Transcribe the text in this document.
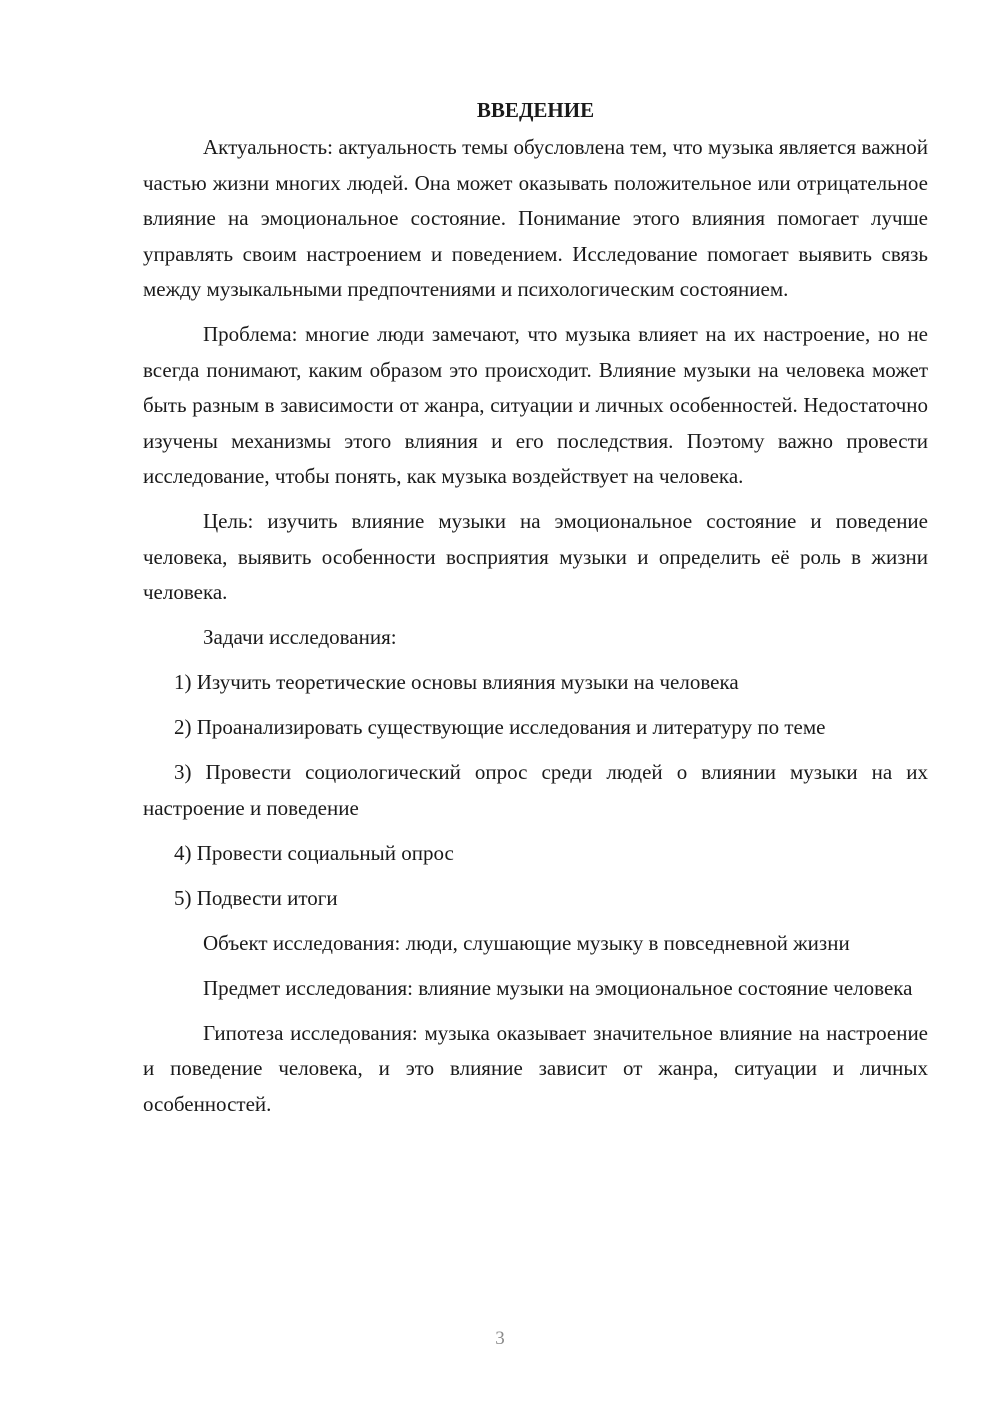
ВВЕДЕНИЕ

Актуальность: актуальность темы обусловлена тем, что музыка является важной частью жизни многих людей. Она может оказывать положительное или отрицательное влияние на эмоциональное состояние. Понимание этого влияния помогает лучше управлять своим настроением и поведением. Исследование помогает выявить связь между музыкальными предпочтениями и психологическим состоянием.

Проблема: многие люди замечают, что музыка влияет на их настроение, но не всегда понимают, каким образом это происходит. Влияние музыки на человека может быть разным в зависимости от жанра, ситуации и личных особенностей. Недостаточно изучены механизмы этого влияния и его последствия. Поэтому важно провести исследование, чтобы понять, как музыка воздействует на человека.

Цель: изучить влияние музыки на эмоциональное состояние и поведение человека, выявить особенности восприятия музыки и определить её роль в жизни человека.

Задачи исследования:

1) Изучить теоретические основы влияния музыки на человека

2) Проанализировать существующие исследования и литературу по теме

3) Провести социологический опрос среди людей о влиянии музыки на их настроение и поведение

4) Провести социальный опрос

5) Подвести итоги

Объект исследования: люди, слушающие музыку в повседневной жизни

Предмет исследования: влияние музыки на эмоциональное состояние человека

Гипотеза исследования: музыка оказывает значительное влияние на настроение и поведение человека, и это влияние зависит от жанра, ситуации и личных особенностей.

3
